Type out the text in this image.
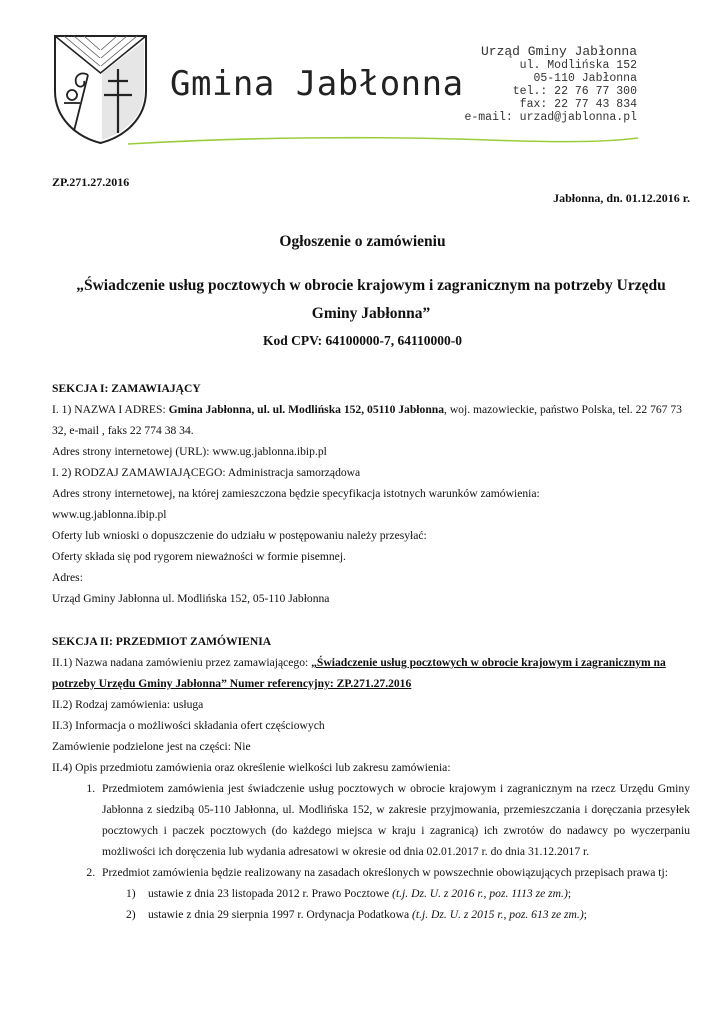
Gmina Jabłonna
Urząd Gminy Jabłonna
ul. Modlińska 152
05-110 Jabłonna
tel.: 22 76 77 300
fax: 22 77 43 834
e-mail: urzad@jablonna.pl
ZP.271.27.2016
Jabłonna, dn. 01.12.2016 r.
Ogłoszenie o zamówieniu
„Świadczenie usług pocztowych w obrocie krajowym i zagranicznym na potrzeby Urzędu Gminy Jabłonna”
Kod CPV: 64100000-7, 64110000-0

SEKCJA I: ZAMAWIAJĄCY

I. 1) NAZWA I ADRES: Gmina Jabłonna, ul. ul. Modlińska 152, 05110 Jabłonna, woj. mazowieckie, państwo Polska, tel. 22 767 73 32, e-mail , faks 22 774 38 34.

Adres strony internetowej (URL): www.ug.jablonna.ibip.pl

I. 2) RODZAJ ZAMAWIAJĄCEGO: Administracja samorządowa

Adres strony internetowej, na której zamieszczona będzie specyfikacja istotnych warunków zamówienia:

www.ug.jablonna.ibip.pl

Oferty lub wnioski o dopuszczenie do udziału w postępowaniu należy przesyłać:

Oferty składa się pod rygorem nieważności w formie pisemnej.

Adres:

Urząd Gminy Jabłonna ul. Modlińska 152, 05-110 Jabłonna

SEKCJA II: PRZEDMIOT ZAMÓWIENIA

II.1) Nazwa nadana zamówieniu przez zamawiającego: „Świadczenie usług pocztowych w obrocie krajowym i zagranicznym na potrzeby Urzędu Gminy Jabłonna” Numer referencyjny: ZP.271.27.2016

II.2) Rodzaj zamówienia: usługa

II.3) Informacja o możliwości składania ofert częściowych

Zamówienie podzielone jest na części: Nie

II.4) Opis przedmiotu zamówienia oraz określenie wielkości lub zakresu zamówienia:

1. Przedmiotem zamówienia jest świadczenie usług pocztowych w obrocie krajowym i zagranicznym na rzecz Urzędu Gminy Jabłonna z siedzibą 05-110 Jabłonna, ul. Modlińska 152, w zakresie przyjmowania, przemieszczania i doręczania przesyłek pocztowych i paczek pocztowych (do każdego miejsca w kraju i zagranicą) ich zwrotów do nadawcy po wyczerpaniu możliwości ich doręczenia lub wydania adresatowi w okresie od dnia 02.01.2017 r. do dnia 31.12.2017 r.
2. Przedmiot zamówienia będzie realizowany na zasadach określonych w powszechnie obowiązujących przepisach prawa tj:
1) ustawie z dnia 23 listopada 2012 r. Prawo Pocztowe (t.j. Dz. U. z 2016 r., poz. 1113 ze zm.);
2) ustawie z dnia 29 sierpnia 1997 r. Ordynacja Podatkowa (t.j. Dz. U. z 2015 r., poz. 613 ze zm.);
